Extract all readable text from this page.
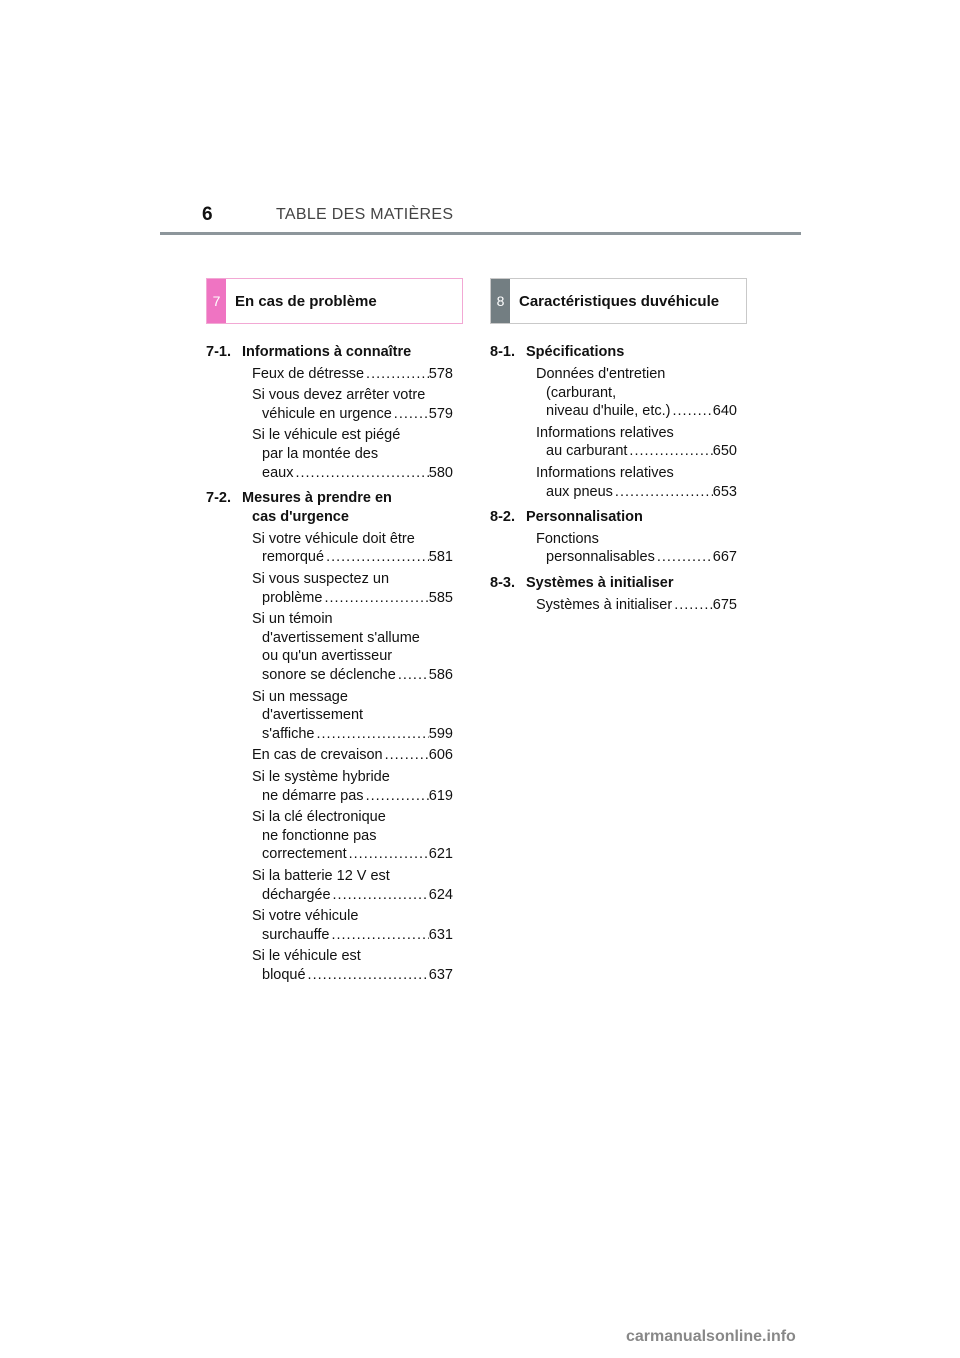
6	TABLE DES MATIÈRES
7 En cas de problème	8 Caractéristiques du véhicule
7-1. Informations à connaître
Feux de détresse .....	578
Si vous devez arrêter votre
véhicule en urgence .....	579
Si le véhicule est piégé
par la montée des
eaux .....	580
7-2. Mesures à prendre en
cas d'urgence
Si votre véhicule doit être
remorqué .....	581
Si vous suspectez un
problème .....	585
Si un témoin
d'avertissement s'allume
ou qu'un avertisseur
sonore se déclenche ..... 586
Si un message
d'avertissement
s'affiche .....	599
En cas de crevaison .....	606
Si le système hybride
ne démarre pas .....	619
Si la clé électronique
ne fonctionne pas
correctement .....	621
Si la batterie 12 V est
déchargée .....	624
Si votre véhicule
surchauffe .....	631
Si le véhicule est
bloqué .....	637
8-1. Spécifications
Données d'entretien
(carburant,
niveau d'huile, etc.) .....	640
Informations relatives
au carburant .....	650
Informations relatives
aux pneus .....	653
8-2. Personnalisation
Fonctions
personnalisables .....	667
8-3. Systèmes à initialiser
Systèmes à initialiser .....	675
carmanualsonline.info
